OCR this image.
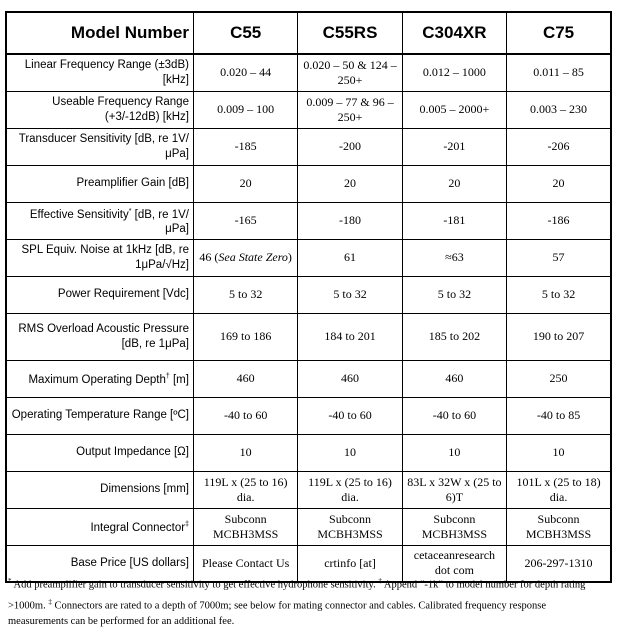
Model Number	C55	C55RS	C304XR	C75
Linear Frequency Range (±3dB) [kHz]	0.020 – 44	0.020 – 50 & 124 – 250+	0.012 – 1000	0.011 – 85
Useable Frequency Range (+3/-12dB) [kHz]	0.009 – 100	0.009 – 77 & 96 – 250+	0.005 – 2000+	0.003 – 230
Transducer Sensitivity [dB, re 1V/μPa]	-185	-200	-201	-206
Preamplifier Gain [dB]	20	20	20	20
Effective Sensitivity* [dB, re 1V/μPa]	-165	-180	-181	-186
SPL Equiv. Noise at 1kHz [dB, re 1μPa/√Hz]	46 (Sea State Zero)	61	≈63	57
Power Requirement [Vdc]	5 to 32	5 to 32	5 to 32	5 to 32
RMS Overload Acoustic Pressure [dB, re 1μPa]	169 to 186	184 to 201	185 to 202	190 to 207
Maximum Operating Depth† [m]	460	460	460	250
Operating Temperature Range [ºC]	-40 to 60	-40 to 60	-40 to 60	-40 to 85
Output Impedance [Ω]	10	10	10	10
Dimensions [mm]	119L x (25 to 16) dia.	119L x (25 to 16) dia.	83L x 32W x (25 to 6)T	101L x (25 to 18) dia.
Integral Connector‡	Subconn MCBH3MSS	Subconn MCBH3MSS	Subconn MCBH3MSS	Subconn MCBH3MSS
Base Price [US dollars]	Please Contact Us	crtinfo [at]	cetaceanresearch dot com	206-297-1310
* Add preamplifier gain to transducer sensitivity to get effective hydrophone sensitivity. † Append “-1k” to model number for depth rating >1000m. ‡ Connectors are rated to a depth of 7000m; see below for mating connector and cables. Calibrated frequency response measurements can be performed for an additional fee.
